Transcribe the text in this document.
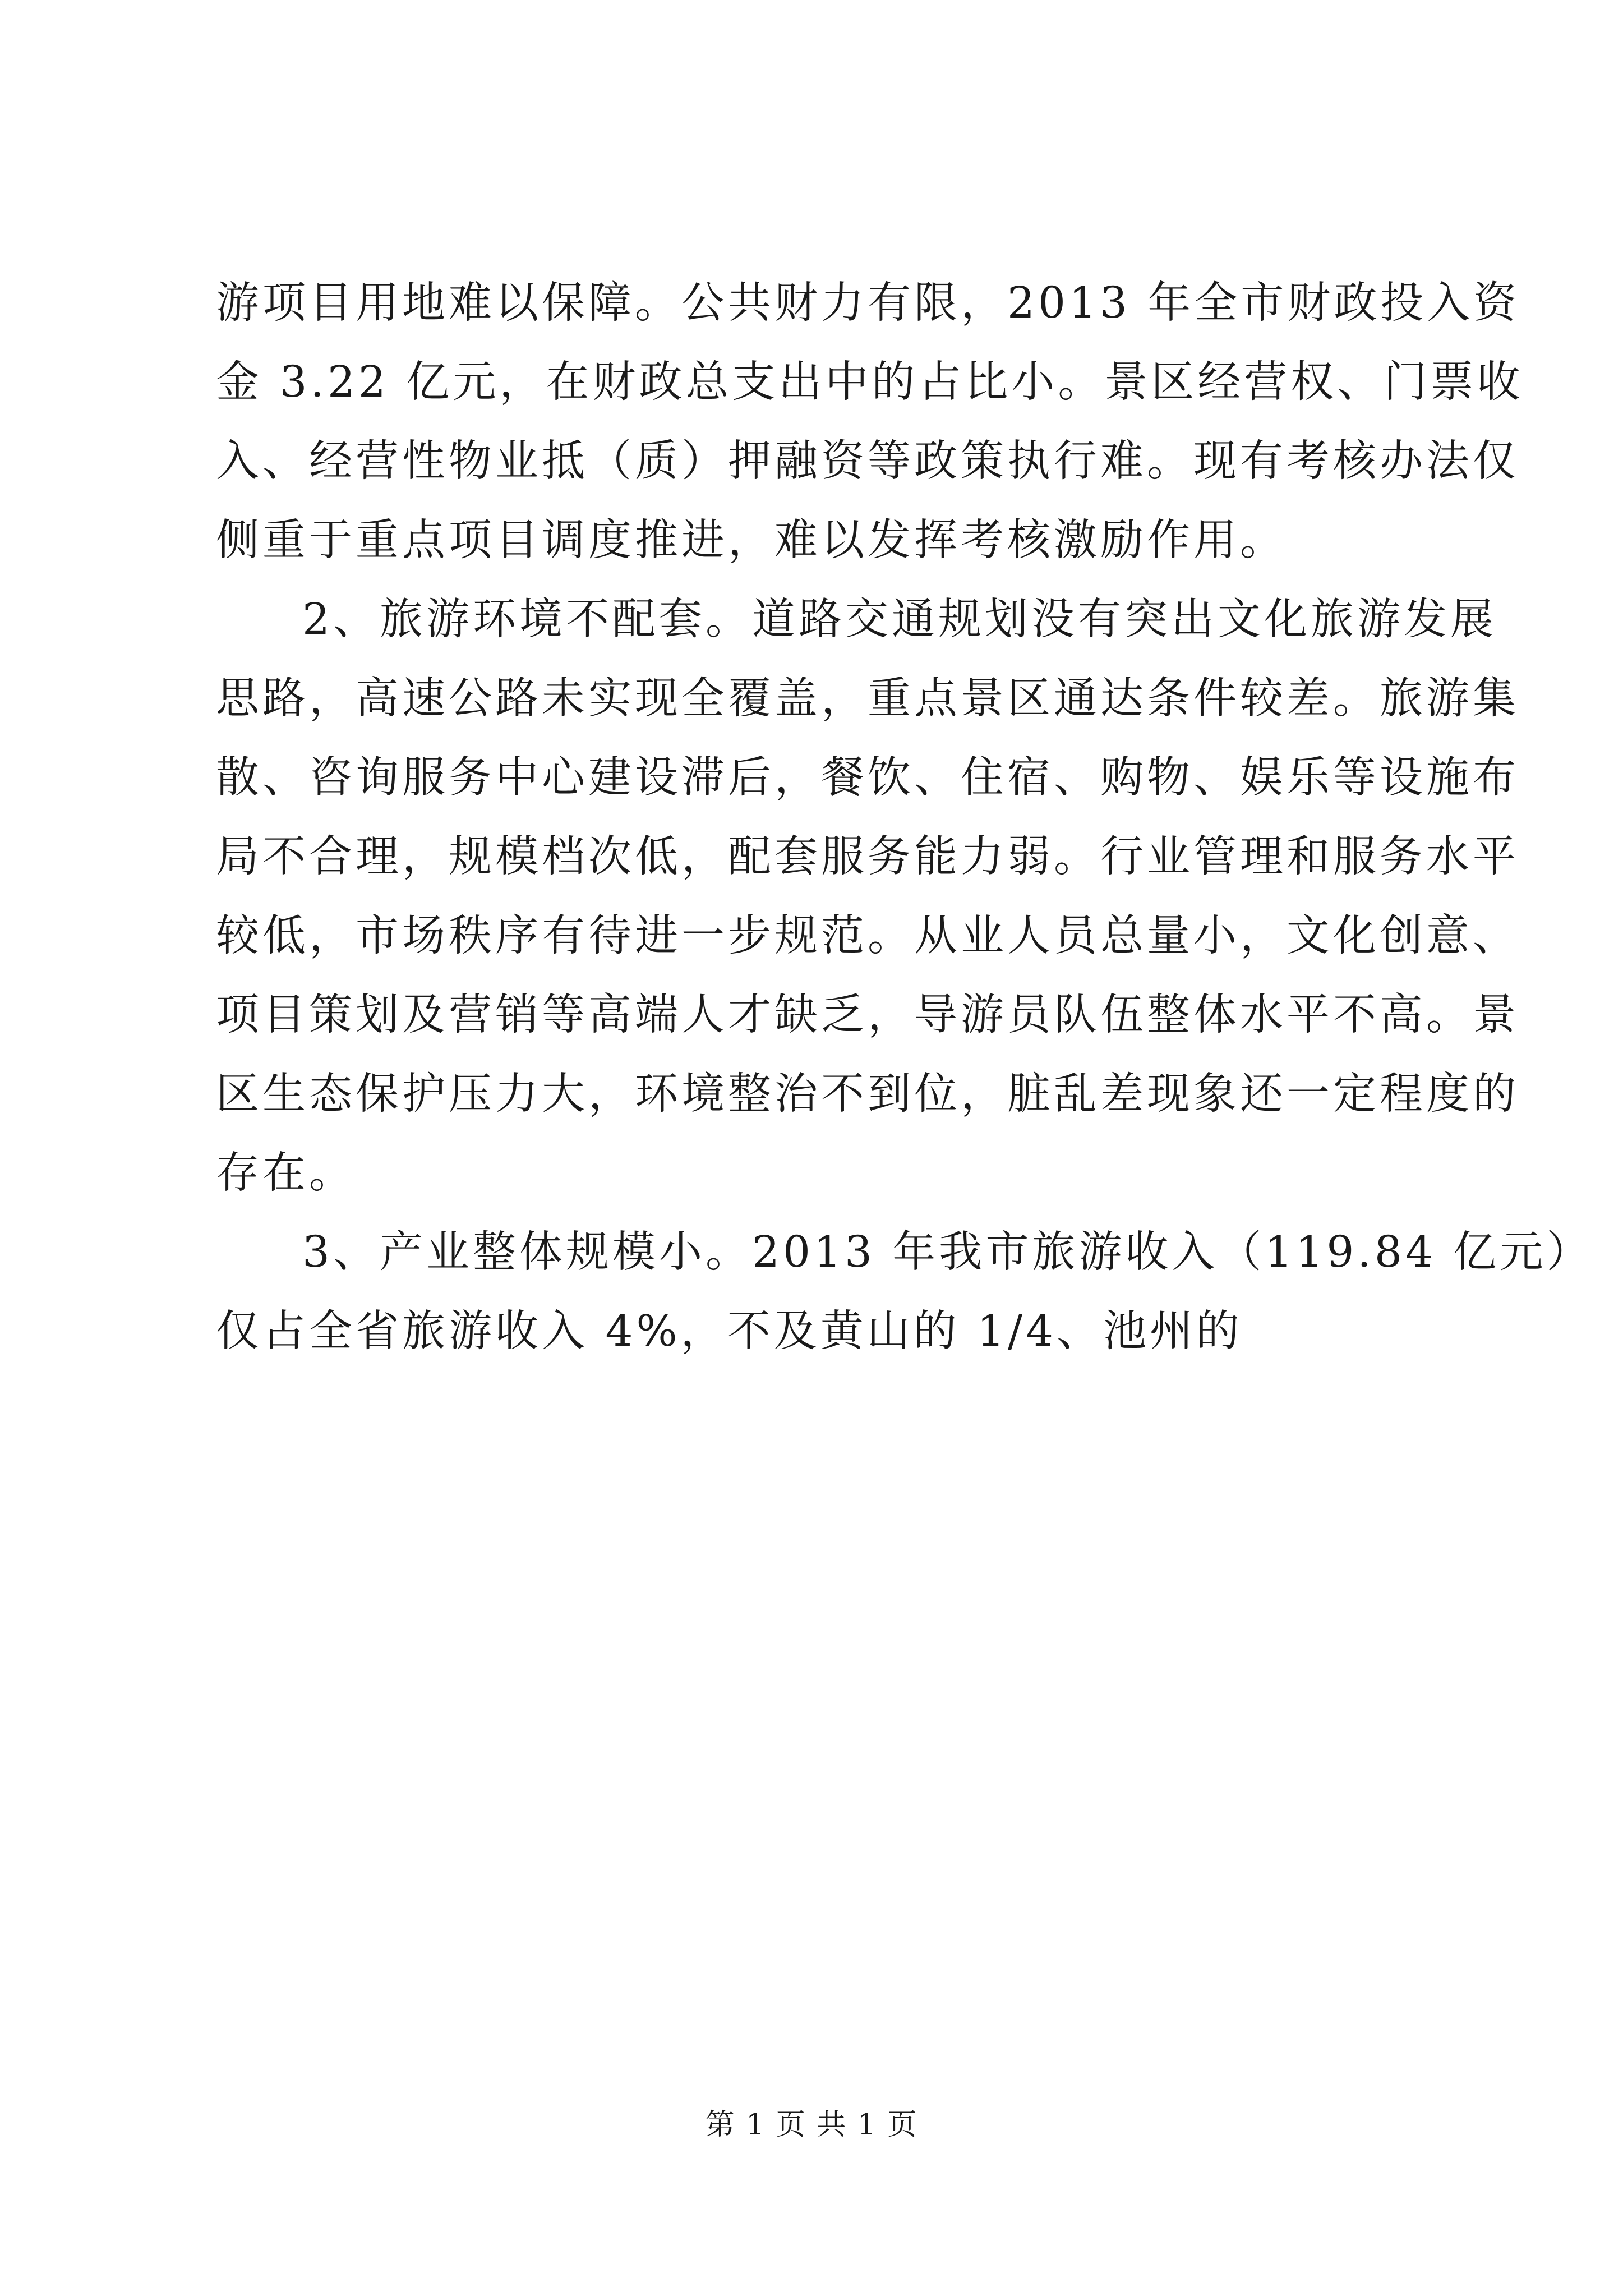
游项目用地难以保障。公共财力有限，2013 年全市财政投入资
金 3.22 亿元，在财政总支出中的占比小。景区经营权、门票收
入、经营性物业抵（质）押融资等政策执行难。现有考核办法仅
侧重于重点项目调度推进，难以发挥考核激励作用。
2、旅游环境不配套。道路交通规划没有突出文化旅游发展
思路，高速公路未实现全覆盖，重点景区通达条件较差。旅游集
散、咨询服务中心建设滞后，餐饮、住宿、购物、娱乐等设施布
局不合理，规模档次低，配套服务能力弱。行业管理和服务水平
较低，市场秩序有待进一步规范。从业人员总量小，文化创意、
项目策划及营销等高端人才缺乏，导游员队伍整体水平不高。景
区生态保护压力大，环境整治不到位，脏乱差现象还一定程度的
存在。
3、产业整体规模小。2013 年我市旅游收入（119.84 亿元）
仅占全省旅游收入 4%，不及黄山的 1/4、池州的
第 1 页 共 1 页
